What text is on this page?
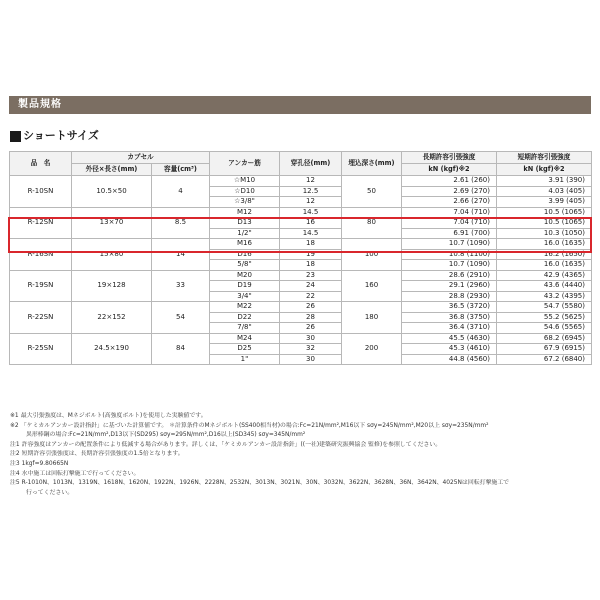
製品規格
ショートサイズ
品　名	カプセル		アンカー筋	穿孔径(mm)	埋込深さ(mm)	長期許容引張強度	短期許容引張強度
	外径×長さ(mm)	容量(cm³)				kN (kgf)※2	kN (kgf)※2
R-10SN	10.5×50	4	☆M10	12	50	2.61 (260)	3.91 (390)
			☆D10	12.5		2.69 (270)	4.03 (405)
			☆3/8"	12		2.66 (270)	3.99 (405)
R-12SN	13×70	8.5	M12	14.5	80	7.04 (710)	10.5 (1065)
			D13	16		7.04 (710)	10.5 (1065)
			1/2"	14.5		6.91 (700)	10.3 (1050)
R-16SN	15×80	14	M16	18	100	10.7 (1090)	16.0 (1635)
			D16	19		10.8 (1100)	16.2 (1650)
			5/8"	18		10.7 (1090)	16.0 (1635)
R-19SN	19×128	33	M20	23	160	28.6 (2910)	42.9 (4365)
			D19	24		29.1 (2960)	43.6 (4440)
			3/4"	22		28.8 (2930)	43.2 (4395)
R-22SN	22×152	54	M22	26	180	36.5 (3720)	54.7 (5580)
			D22	28		36.8 (3750)	55.2 (5625)
			7/8"	26		36.4 (3710)	54.6 (5565)
R-25SN	24.5×190	84	M24	30	200	45.5 (4630)	68.2 (6945)
			D25	32		45.3 (4610)	67.9 (6915)
			1"	30		44.8 (4560)	67.2 (6840)
※1 最大引張強度は、Mネジボルト(高強度ボルト)を使用した実験値です。
※2 「ケミカルアンカー設計指針」に基づいた計算値です。 ＊計算条件のMネジボルト(SS400相当材)の場合:Fc=21N/mm²,M16以下 sσy=245N/mm²,M20以上 sσy=235N/mm²
異形棒鋼の場合:Fc=21N/mm²,D13以下(SD295) sσy=295N/mm²,D16以上(SD345) sσy=345N/mm²
注1 許容強度はアンカーの配置条件により低減する場合があります。詳しくは、「ケミカルアンカー設計指針」((一社)建築研究振興協会 監修)を参照してください。
注2 短期許容引張強度は、長期許容引張強度の1.5倍となります。
注3 1kgf=9.80665N
注4 水中施工は回転打撃施工で行ってください。
注5 R-1010N、1013N、1319N、1618N、1620N、1922N、1926N、2228N、2532N、3013N、3021N、30N、3032N、3622N、3628N、36N、3642N、4025Nは回転打撃施工で
行ってください。
